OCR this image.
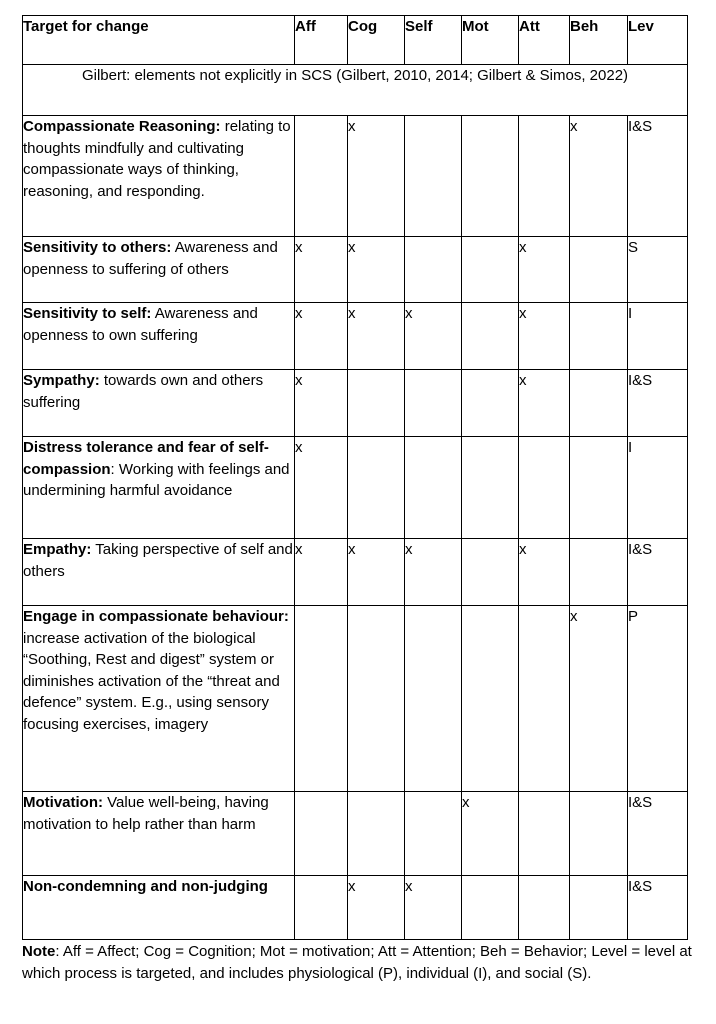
Target for change	Aff	Cog	Self	Mot	Att	Beh	Lev
Gilbert: elements not explicitly in SCS (Gilbert, 2010, 2014; Gilbert & Simos, 2022)							
Compassionate Reasoning: relating to thoughts mindfully and cultivating compassionate ways of thinking, reasoning, and responding.		x				x	I&S
Sensitivity to others: Awareness and openness to suffering of others	x	x			x		S
Sensitivity to self: Awareness and openness to own suffering	x	x	x		x		I
Sympathy: towards own and others suffering	x				x		I&S
Distress tolerance and fear of self-compassion: Working with feelings and undermining harmful avoidance	x						I
Empathy: Taking perspective of self and others	x	x	x		x		I&S
Engage in compassionate behaviour: increase activation of the biological “Soothing, Rest and digest” system or diminishes activation of the “threat and defence” system. E.g., using sensory focusing exercises, imagery						x	P
Motivation: Value well-being, having motivation to help rather than harm				x			I&S
Non-condemning and non-judging		x	x				I&S
Note: Aff = Affect; Cog = Cognition; Mot = motivation; Att = Attention; Beh = Behavior; Level = level at which process is targeted, and includes physiological (P), individual (I), and social (S).
